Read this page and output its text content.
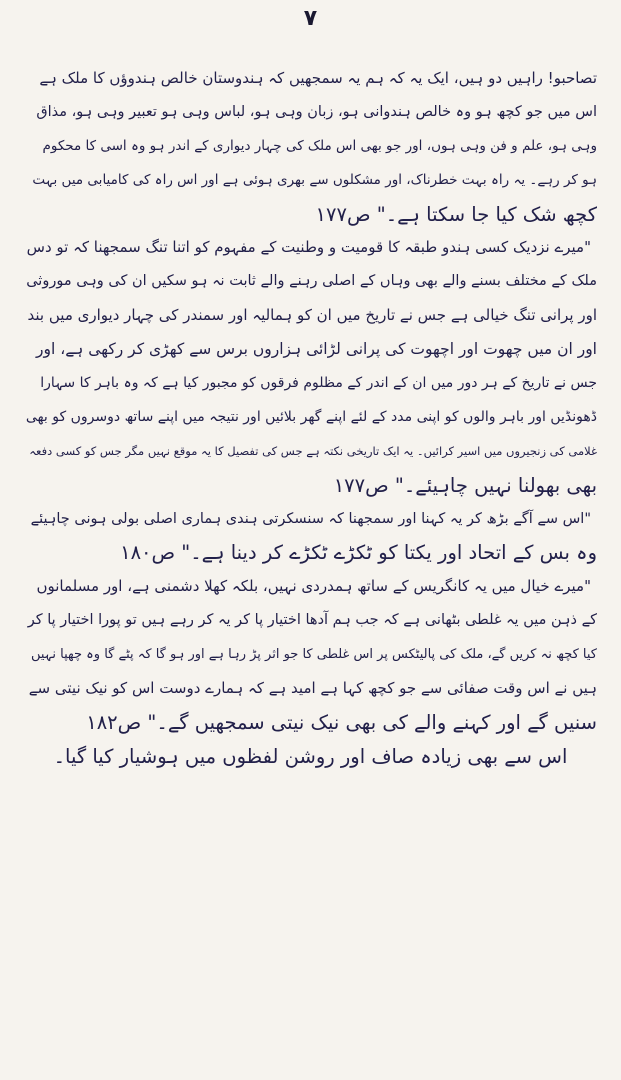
۷
تصاحبو! راہیں دو ہیں، ایک یہ کہ ہم یہ سمجھیں کہ ہندوستان خالص ہندوؤں کا ملک ہے
اس میں جو کچھ ہو وہ خالص ہندوانی ہو، زبان وہی ہو، لباس وہی ہو تعبیر وہی ہو، مذاق
وہی ہو، علم و فن وہی ہوں، اور جو بھی اس ملک کی چہار دیواری کے اندر ہو وہ اسی کا محکوم
ہو کر رہے۔ یہ راہ بہت خطرناک، اور مشکلوں سے بھری ہوئی ہے اور اس راہ کی کامیابی میں بہت
کچھ شک کیا جا سکتا ہے۔" ص۱۷۷
"میرے نزدیک کسی ہندو طبقہ کا قومیت و وطنیت کے مفہوم کو اتنا تنگ سمجھنا کہ تو دس
ملک کے مختلف بسنے والے بھی وہاں کے اصلی رہنے والے ثابت نہ ہو سکیں ان کی وہی موروثی
اور پرانی تنگ خیالی ہے جس نے تاریخ میں ان کو ہمالیہ اور سمندر کی چہار دیواری میں بند
اور ان میں چھوت اور اچھوت کی پرانی لڑائی ہزاروں برس سے کھڑی کر رکھی ہے، اور
جس نے تاریخ کے ہر دور میں ان کے اندر کے مظلوم فرقوں کو مجبور کیا ہے کہ وہ باہر کا سہارا
ڈھونڈیں اور باہر والوں کو اپنی مدد کے لئے اپنے گھر بلائیں اور نتیجہ میں اپنے ساتھ دوسروں کو بھی
غلامی کی زنجیروں میں اسیر کرائیں۔ یہ ایک تاریخی نکتہ ہے جس کی تفصیل کا یہ موقع نہیں مگر جس کو کسی دفعہ
بھی بھولنا نہیں چاہیئے۔" ص۱۷۷
"اس سے آگے بڑھ کر یہ کہنا اور سمجھنا کہ سنسکرتی ہندی ہماری اصلی بولی ہونی چاہیئے
وہ بس کے اتحاد اور یکتا کو ٹکڑے ٹکڑے کر دینا ہے۔" ص۱۸۰
"میرے خیال میں یہ کانگریس کے ساتھ ہمدردی نہیں، بلکہ کھلا دشمنی ہے، اور مسلمانوں
کے ذہن میں یہ غلطی بٹھانی ہے کہ جب ہم آدھا اختیار پا کر یہ کر رہے ہیں تو پورا اختیار پا کر
کیا کچھ نہ کریں گے، ملک کی پالیٹکس پر اس غلطی کا جو اثر پڑ رہا ہے اور ہو گا کہ پٹے گا وہ چھپا نہیں
ہیں نے اس وقت صفائی سے جو کچھ کہا ہے امید ہے کہ ہمارے دوست اس کو نیک نیتی سے
سنیں گے اور کہنے والے کی بھی نیک نیتی سمجھیں گے۔" ص۱۸۲
اس سے بھی زیادہ صاف اور روشن لفظوں میں ہوشیار کیا گیا۔
